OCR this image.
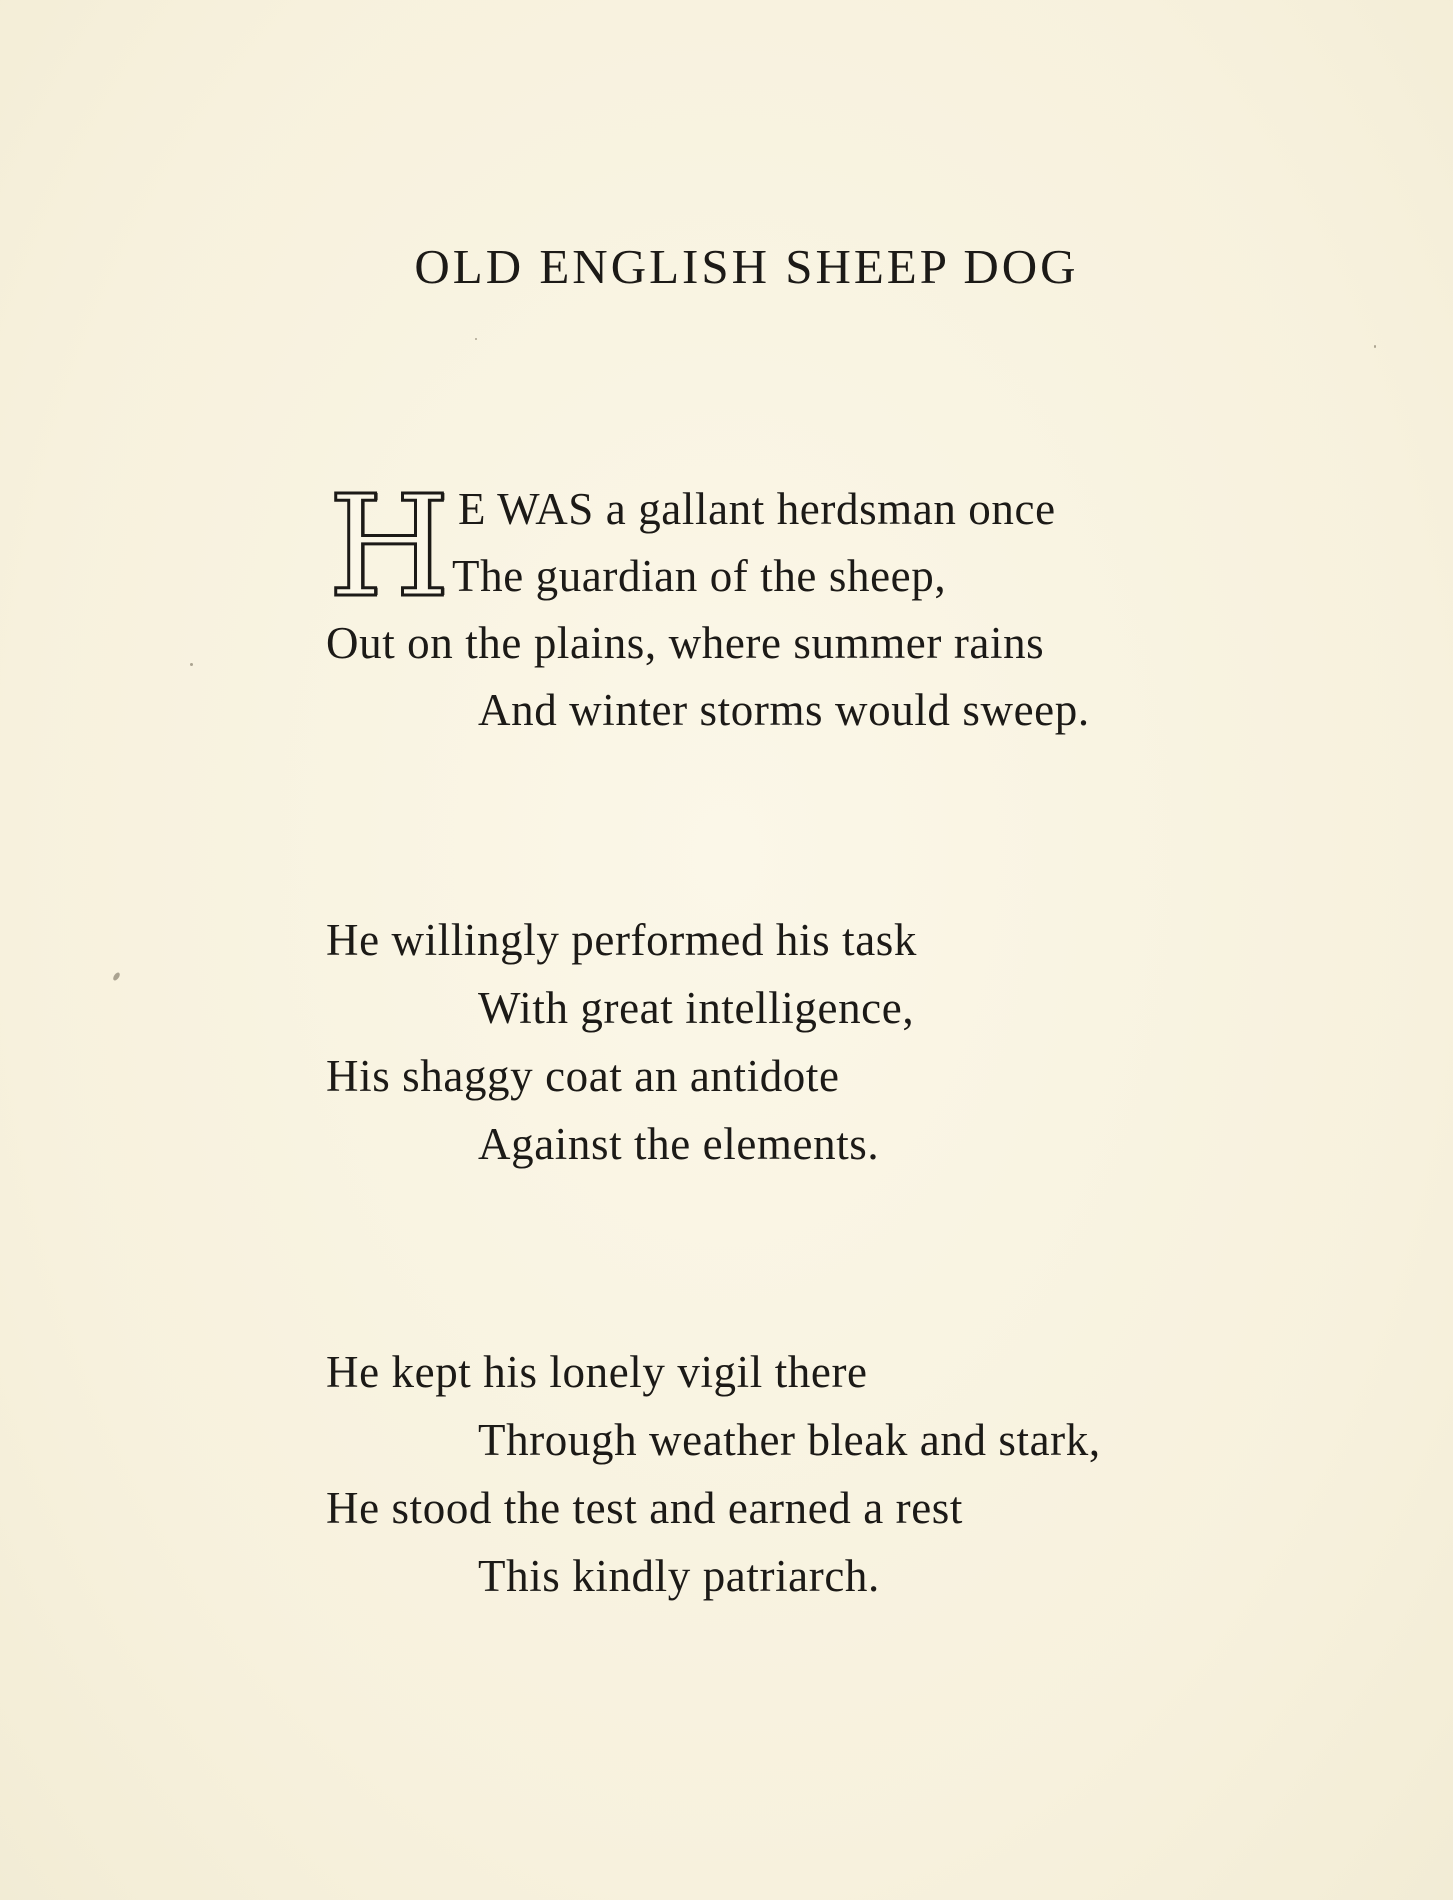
OLD ENGLISH SHEEP DOG
H E WAS a gallant herdsman once
The guardian of the sheep,
Out on the plains, where summer rains
And winter storms would sweep.
He willingly performed his task
With great intelligence,
His shaggy coat an antidote
Against the elements.
He kept his lonely vigil there
Through weather bleak and stark,
He stood the test and earned a rest
This kindly patriarch.
